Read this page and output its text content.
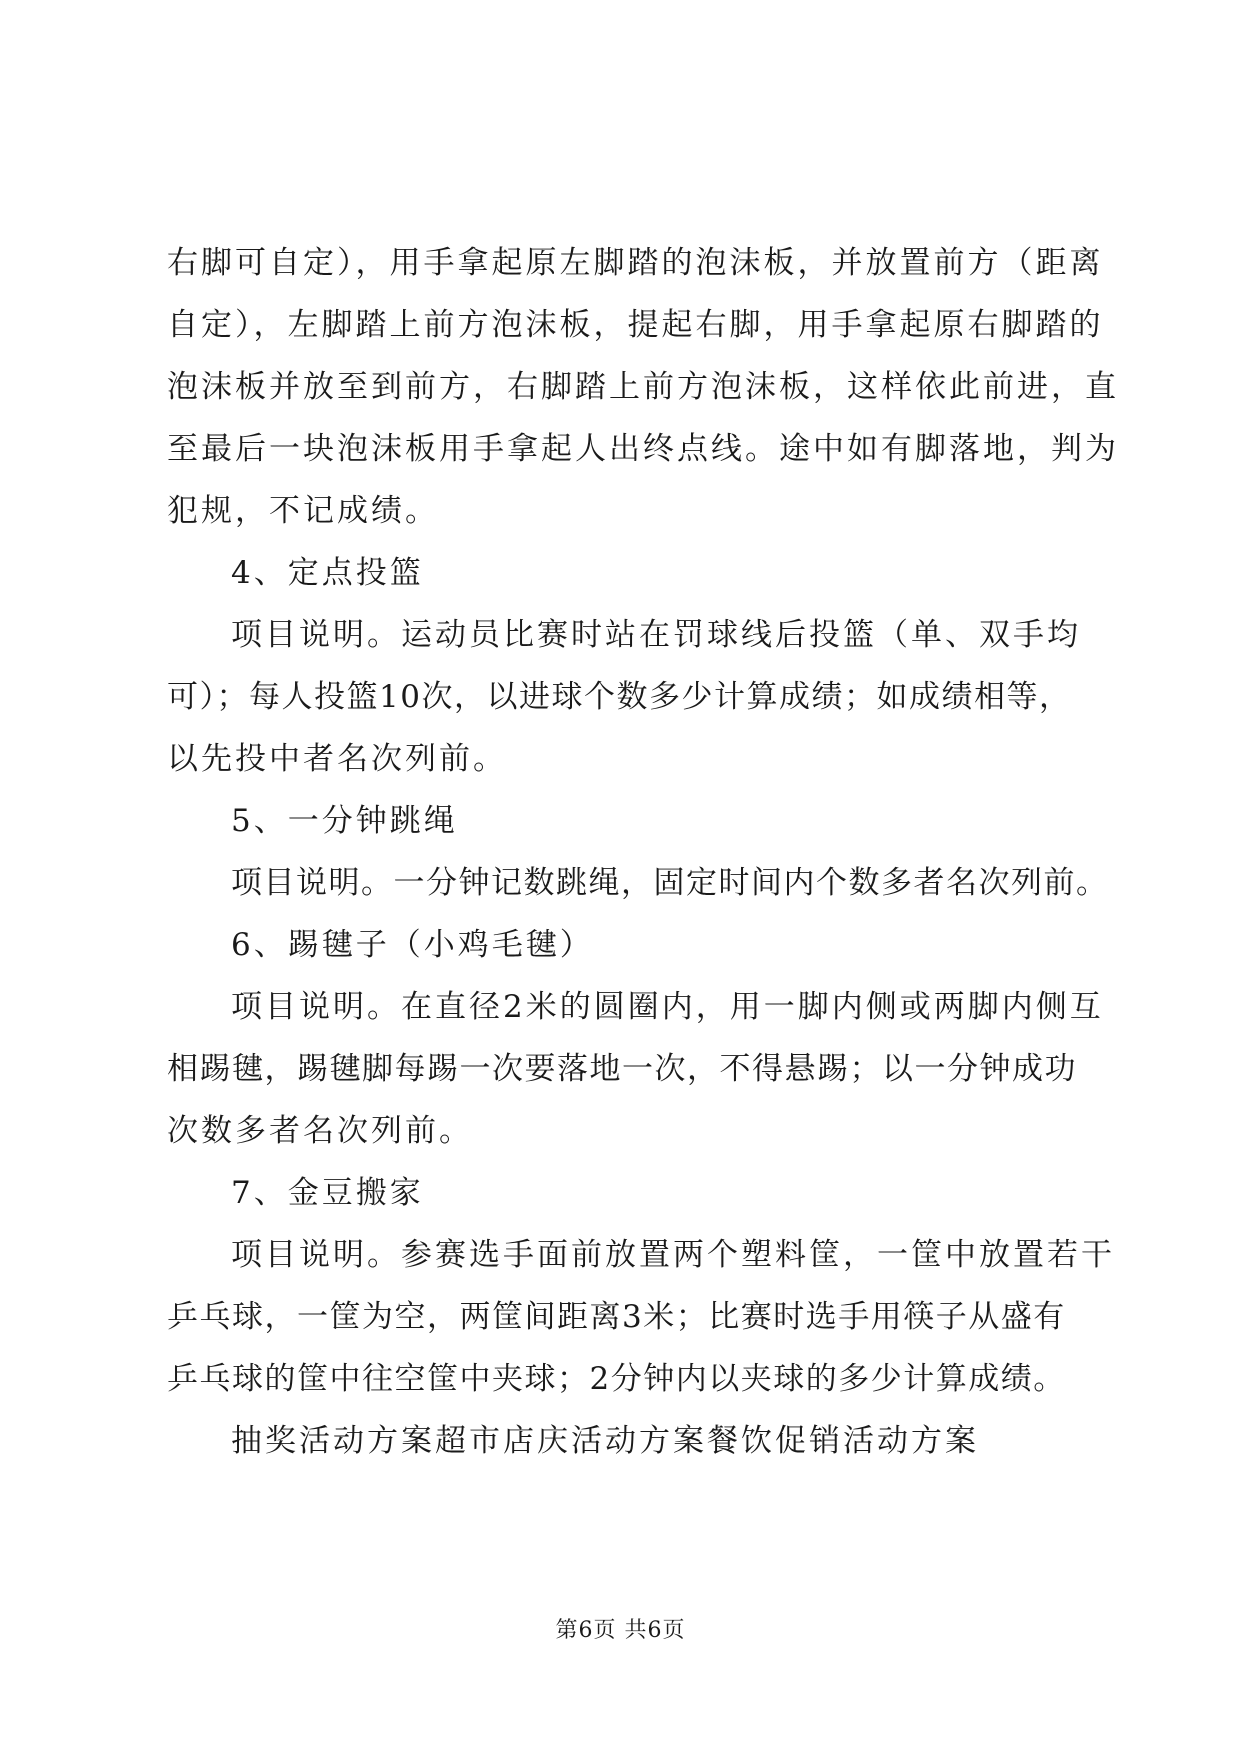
右脚可自定），用手拿起原左脚踏的泡沫板，并放置前方（距离
自定），左脚踏上前方泡沫板，提起右脚，用手拿起原右脚踏的
泡沫板并放至到前方，右脚踏上前方泡沫板，这样依此前进，直
至最后一块泡沫板用手拿起人出终点线。途中如有脚落地，判为
犯规，不记成绩。
4、定点投篮
项目说明。运动员比赛时站在罚球线后投篮（单、双手均
可）；每人投篮10次，以进球个数多少计算成绩；如成绩相等，
以先投中者名次列前。
5、一分钟跳绳
项目说明。一分钟记数跳绳，固定时间内个数多者名次列前。
6、踢毽子（小鸡毛毽）
项目说明。在直径2米的圆圈内，用一脚内侧或两脚内侧互
相踢毽，踢毽脚每踢一次要落地一次，不得悬踢；以一分钟成功
次数多者名次列前。
7、金豆搬家
项目说明。参赛选手面前放置两个塑料筐，一筐中放置若干
乒乓球，一筐为空，两筐间距离3米；比赛时选手用筷子从盛有
乒乓球的筐中往空筐中夹球；2分钟内以夹球的多少计算成绩。
抽奖活动方案超市店庆活动方案餐饮促销活动方案
第6页 共6页
